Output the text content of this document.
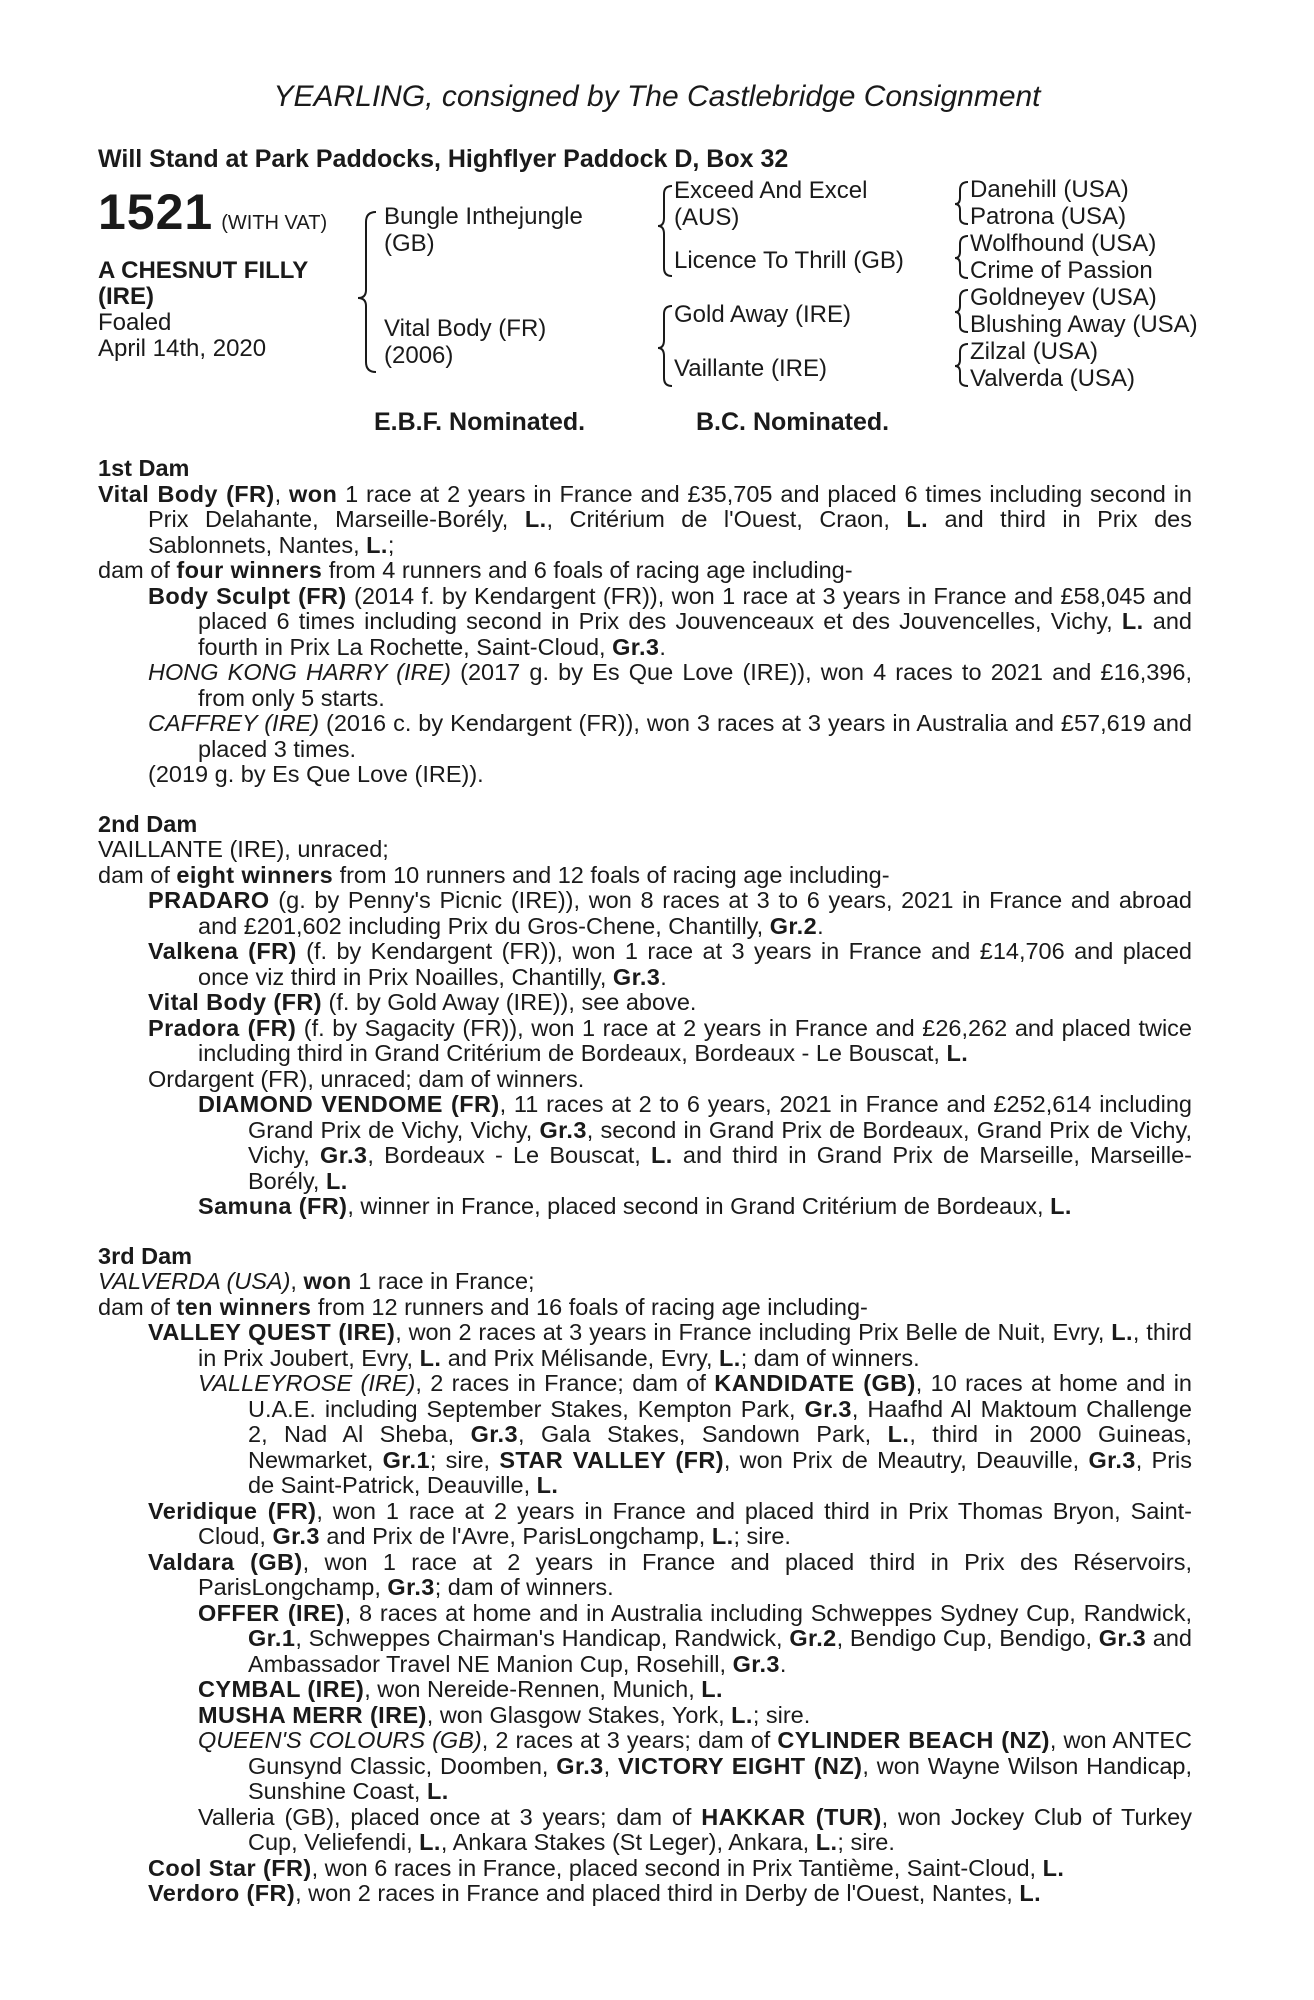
YEARLING, consigned by The Castlebridge Consignment
Will Stand at Park Paddocks, Highflyer Paddock D, Box 32
1521 (WITH VAT)
A CHESNUT FILLY (IRE)
Foaled
April 14th, 2020
Bungle Inthejungle (GB)
Vital Body (FR) (2006)
Exceed And Excel (AUS)
Licence To Thrill (GB)
Gold Away (IRE)
Vaillante (IRE)
Danehill (USA)
Patrona (USA)
Wolfhound (USA)
Crime of Passion
Goldneyev (USA)
Blushing Away (USA)
Zilzal (USA)
Valverda (USA)
E.B.F. Nominated.	B.C. Nominated.

1st Dam

Vital Body (FR), won 1 race at 2 years in France and £35,705 and placed 6 times including second in Prix Delahante, Marseille-Borély, L., Critérium de l'Ouest, Craon, L. and third in Prix des Sablonnets, Nantes, L.;

dam of four winners from 4 runners and 6 foals of racing age including-

Body Sculpt (FR) (2014 f. by Kendargent (FR)), won 1 race at 3 years in France and £58,045 and placed 6 times including second in Prix des Jouvenceaux et des Jouvencelles, Vichy, L. and fourth in Prix La Rochette, Saint-Cloud, Gr.3.

HONG KONG HARRY (IRE) (2017 g. by Es Que Love (IRE)), won 4 races to 2021 and £16,396, from only 5 starts.

CAFFREY (IRE) (2016 c. by Kendargent (FR)), won 3 races at 3 years in Australia and £57,619 and placed 3 times.

(2019 g. by Es Que Love (IRE)).

2nd Dam

VAILLANTE (IRE), unraced;

dam of eight winners from 10 runners and 12 foals of racing age including-

PRADARO (g. by Penny's Picnic (IRE)), won 8 races at 3 to 6 years, 2021 in France and abroad and £201,602 including Prix du Gros-Chene, Chantilly, Gr.2.

Valkena (FR) (f. by Kendargent (FR)), won 1 race at 3 years in France and £14,706 and placed once viz third in Prix Noailles, Chantilly, Gr.3.

Vital Body (FR) (f. by Gold Away (IRE)), see above.

Pradora (FR) (f. by Sagacity (FR)), won 1 race at 2 years in France and £26,262 and placed twice including third in Grand Critérium de Bordeaux, Bordeaux - Le Bouscat, L.

Ordargent (FR), unraced; dam of winners.

DIAMOND VENDOME (FR), 11 races at 2 to 6 years, 2021 in France and £252,614 including Grand Prix de Vichy, Vichy, Gr.3, second in Grand Prix de Bordeaux, Grand Prix de Vichy, Vichy, Gr.3, Bordeaux - Le Bouscat, L. and third in Grand Prix de Marseille, Marseille-Borély, L.

Samuna (FR), winner in France, placed second in Grand Critérium de Bordeaux, L.

3rd Dam

VALVERDA (USA), won 1 race in France;

dam of ten winners from 12 runners and 16 foals of racing age including-

VALLEY QUEST (IRE), won 2 races at 3 years in France including Prix Belle de Nuit, Evry, L., third in Prix Joubert, Evry, L. and Prix Mélisande, Evry, L.; dam of winners.

VALLEYROSE (IRE), 2 races in France; dam of KANDIDATE (GB), 10 races at home and in U.A.E. including September Stakes, Kempton Park, Gr.3, Haafhd Al Maktoum Challenge 2, Nad Al Sheba, Gr.3, Gala Stakes, Sandown Park, L., third in 2000 Guineas, Newmarket, Gr.1; sire, STAR VALLEY (FR), won Prix de Meautry, Deauville, Gr.3, Pris de Saint-Patrick, Deauville, L.

Veridique (FR), won 1 race at 2 years in France and placed third in Prix Thomas Bryon, Saint-Cloud, Gr.3 and Prix de l'Avre, ParisLongchamp, L.; sire.

Valdara (GB), won 1 race at 2 years in France and placed third in Prix des Réservoirs, ParisLongchamp, Gr.3; dam of winners.

OFFER (IRE), 8 races at home and in Australia including Schweppes Sydney Cup, Randwick, Gr.1, Schweppes Chairman's Handicap, Randwick, Gr.2, Bendigo Cup, Bendigo, Gr.3 and Ambassador Travel NE Manion Cup, Rosehill, Gr.3.

CYMBAL (IRE), won Nereide-Rennen, Munich, L.

MUSHA MERR (IRE), won Glasgow Stakes, York, L.; sire.

QUEEN'S COLOURS (GB), 2 races at 3 years; dam of CYLINDER BEACH (NZ), won ANTEC Gunsynd Classic, Doomben, Gr.3, VICTORY EIGHT (NZ), won Wayne Wilson Handicap, Sunshine Coast, L.

Valleria (GB), placed once at 3 years; dam of HAKKAR (TUR), won Jockey Club of Turkey Cup, Veliefendi, L., Ankara Stakes (St Leger), Ankara, L.; sire.

Cool Star (FR), won 6 races in France, placed second in Prix Tantième, Saint-Cloud, L.

Verdoro (FR), won 2 races in France and placed third in Derby de l'Ouest, Nantes, L.
